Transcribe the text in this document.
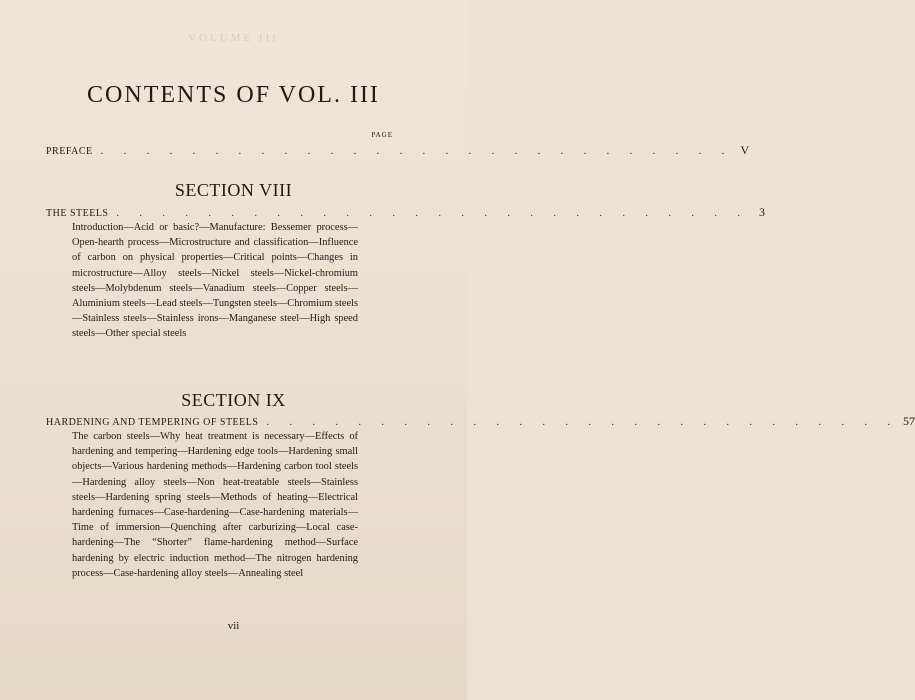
VOLUME III
CONTENTS OF VOL. III
PAGE
PREFACE . . . . . . . . . . . . . . . . . . . . . . . . . . . . V
SECTION VIII
THE STEELS . . . . . . . . . . . . . . . . . . . . . . . . . . . . 3
Introduction—Acid or basic?—Manufacture: Bessemer process—Open-hearth process—Microstructure and classification—Influence of carbon on physical properties—Critical points—Changes in microstructure—Alloy steels—Nickel steels—Nickel-chromium steels—Molybdenum steels—Vanadium steels—Copper steels—Aluminium steels—Lead steels—Tungsten steels—Chromium steels—Stainless steels—Stainless irons—Manganese steel—High speed steels—Other special steels
SECTION IX
HARDENING AND TEMPERING OF STEELS . . . . . . . . . . . . . . . . . . . . . . . . . . . . 57
The carbon steels—Why heat treatment is necessary—Effects of hardening and tempering—Hardening edge tools—Hardening small objects—Various hardening methods—Hardening carbon tool steels—Hardening alloy steels—Non heat-treatable steels—Stainless steels—Hardening spring steels—Methods of heating—Electrical hardening furnaces—Case-hardening—Case-hardening materials—Time of immersion—Quenching after carburizing—Local case-hardening—The “Shorter” flame-hardening method—Surface hardening by electric induction method—The nitrogen hardening process—Case-hardening alloy steels—Annealing steel
vii
